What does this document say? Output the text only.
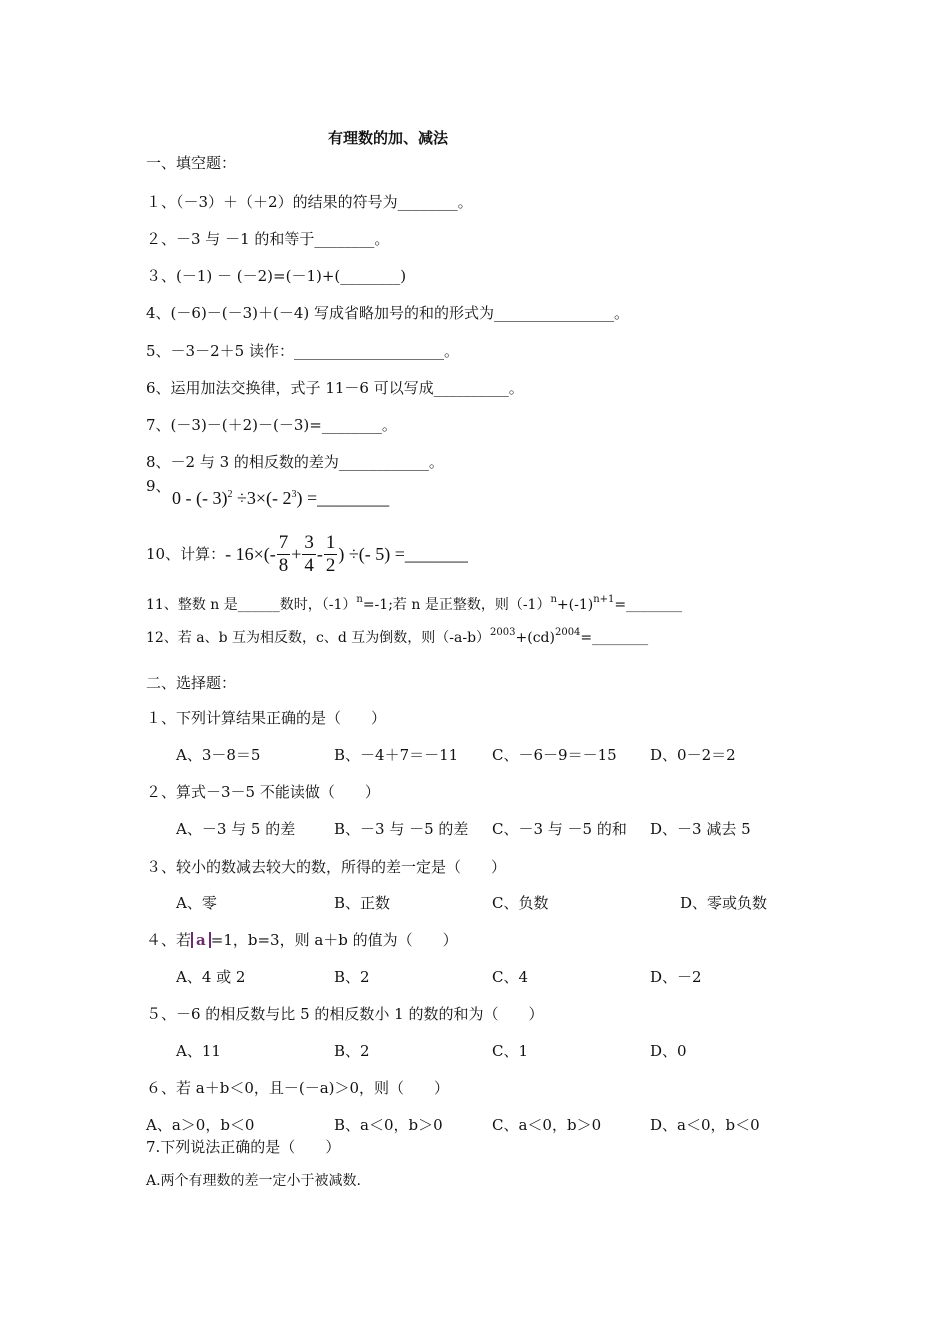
有理数的加、减法
一、填空题：
１、（－3）＋（＋2）的结果的符号为________。
２、－3 与 －1 的和等于________。
３、(－1) － (－2)=(－1)+(________)
4、(－6)－(－3)＋(－4) 写成省略加号的和的形式为________________。
5、－3－2＋5 读作：____________________。
6、运用加法交换律，式子 11－6 可以写成__________。
7、(－3)－(＋2)－(－3)=________。
8、－2 与 3 的相反数的差为____________。
9、
0 - (- 3)$^2$ ÷3×(- $2^3$) =________
10、计算：- $16\times(- \frac{7}{8} + \frac{3}{4} - \frac{1}{2}$ ) ÷(- 5) =_______
11、整数 n 是______数时，$(-1)^n=-1$;若 n 是正整数，则$(-1)^n+(-1)^{n+1}=\_\_\_\_\_\_\_\_$
12、若 a、b 互为相反数，c、d 互为倒数，则$(-a-b)^{2003}+(cd)^{2004}=\_\_\_\_\_\_\_\_$
二、选择题：
１、下列计算结果正确的是（　　）
A、3－8＝5	B、－4＋7＝－11 C、－6－9＝－15 D、0－2＝2
２、算式－3－5 不能读做（　　）
A、－3 与 5 的差	B、－3 与 －5 的差 C、－3 与 －5 的和 D、－3 减去 5
３、较小的数减去较大的数，所得的差一定是（　　）
A、零	B、正数	C、负数	D、零或负数
４、若 a =1，b=3，则 a＋b 的值为（　　）
A、4 或 2	B、2	C、4	D、－2
５、－6 的相反数与比 5 的相反数小 1 的数的和为（　　）
A、11	B、2	C、1	D、0
６、若 a＋b＜0，且－(－a)＞0，则（　　）
A、a＞0，b＜0	B、a＜0，b＞0	C、a＜0，b＞0	D、a＜0，b＜0
7.下列说法正确的是（　　）
A.两个有理数的差一定小于被减数.
